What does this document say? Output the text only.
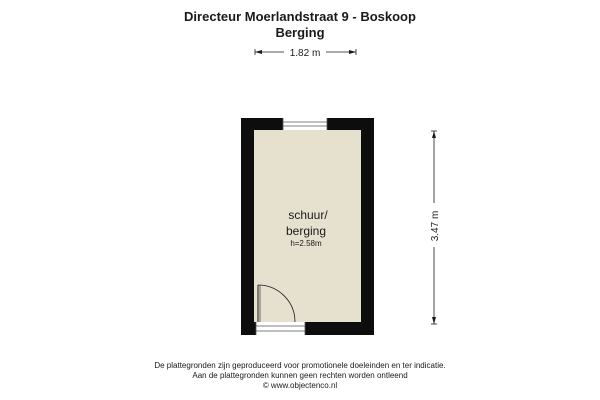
Directeur Moerlandstraat 9 - Boskoop
Berging
1.82 m
3.47 m
schuur/
berging
h=2.58m
De plattegronden zijn geproduceerd voor promotionele doeleinden en ter indicatie.
Aan de plattegronden kunnen geen rechten worden ontleend
© www.objectenco.nl
